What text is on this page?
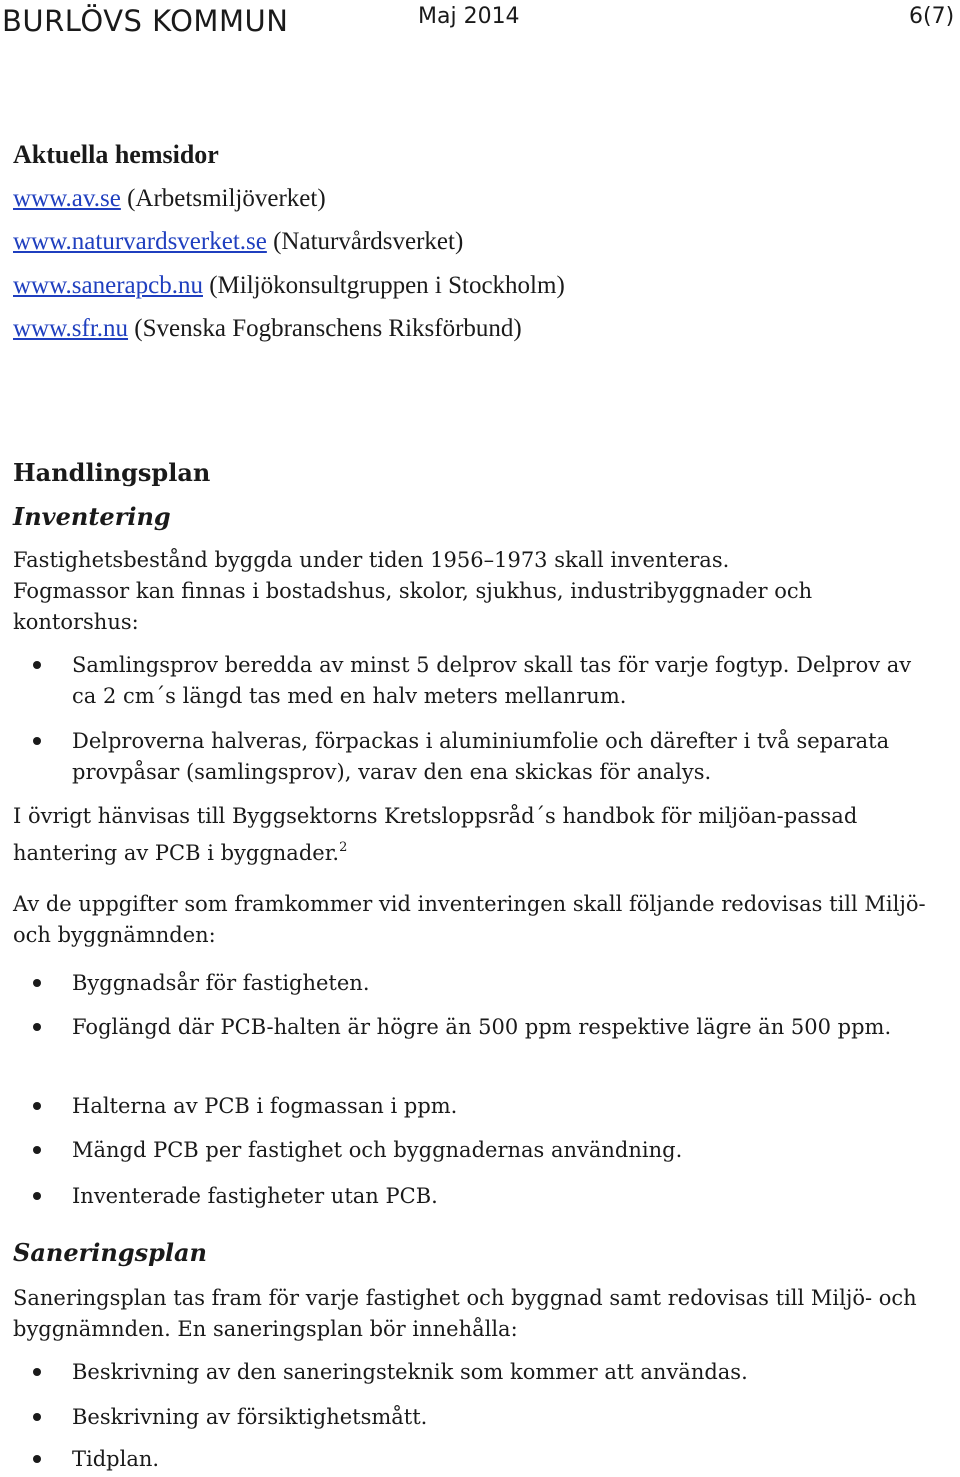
BURLÖVS KOMMUN	Maj 2014	6(7)
Aktuella hemsidor
www.av.se (Arbetsmiljöverket)
www.naturvardsverket.se (Naturvårdsverket)
www.sanerapcb.nu (Miljökonsultgruppen i Stockholm)
www.sfr.nu (Svenska Fogbranschens Riksförbund)
Handlingsplan
Inventering
Fastighetsbestånd byggda under tiden 1956–1973 skall inventeras.
Fogmassor kan finnas i bostadshus, skolor, sjukhus, industribyggnader och kontorshus:
Samlingsprov beredda av minst 5 delprov skall tas för varje fogtyp. Delprov av ca 2 cm´s längd tas med en halv meters mellanrum.
Delproverna halveras, förpackas i aluminiumfolie och därefter i två separata provpåsar (samlingsprov), varav den ena skickas för analys.
I övrigt hänvisas till Byggsektorns Kretsloppsråd´s handbok för miljöan-passad hantering av PCB i byggnader.$^2$
Av de uppgifter som framkommer vid inventeringen skall följande redovisas till Miljö- och byggnämnden:
Byggnadsår för fastigheten.
Foglängd där PCB-halten är högre än 500 ppm respektive lägre än 500 ppm.
Halterna av PCB i fogmassan i ppm.
Mängd PCB per fastighet och byggnadernas användning.
Inventerade fastigheter utan PCB.
Saneringsplan
Saneringsplan tas fram för varje fastighet och byggnad samt redovisas till Miljö- och byggnämnden. En saneringsplan bör innehålla:
Beskrivning av den saneringsteknik som kommer att användas.
Beskrivning av försiktighetsmått.
Tidplan.
